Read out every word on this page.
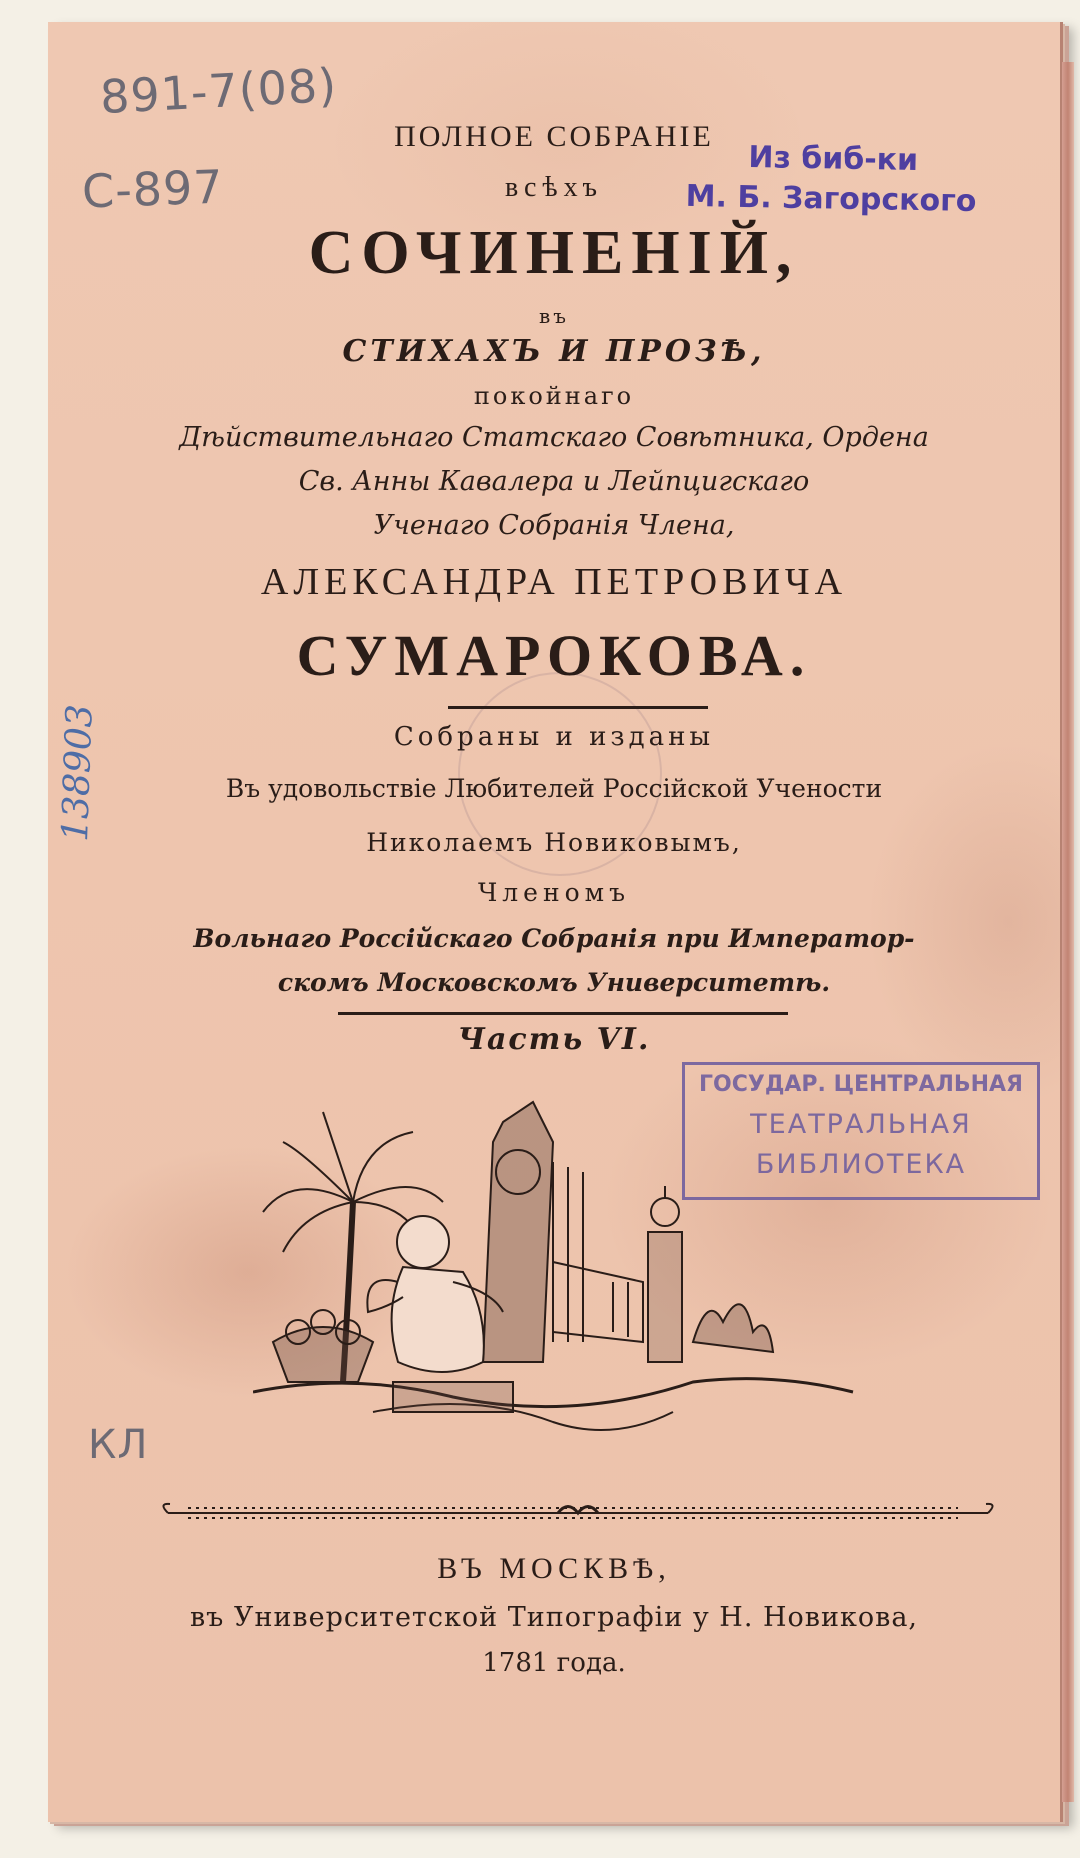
891-7(08)
C-897
138903
КЛ
Из биб-ки
М. Б. Загорского
ПОЛНОЕ СОБРАНIЕ
всѣхъ
СОЧИНЕНIЙ,
въ
СТИХАХЪ И ПРОЗѢ,
покойнаго
Дѣйствительнаго Статскаго Совѣтника, Ордена
Св. Анны Кавалера и Лейпцигскаго
Ученаго Собранiя Члена,
АЛЕКСАНДРА ПЕТРОВИЧА
СУМАРОКОВА.
Собраны и изданы
Въ удовольствiе Любителей Россiйской Учености
Николаемъ Новиковымъ,
Членомъ
Вольнаго Россiйскаго Собранiя при Император-
скомъ Московскомъ Университетѣ.
Часть VI.
ГОСУДАР. ЦЕНТРАЛЬНАЯ
ТЕАТРАЛЬНАЯ
БИБЛИОТЕКА
ВЪ МОСКВѢ,
въ Университетской Типографiи у Н. Новикова,
1781 года.
